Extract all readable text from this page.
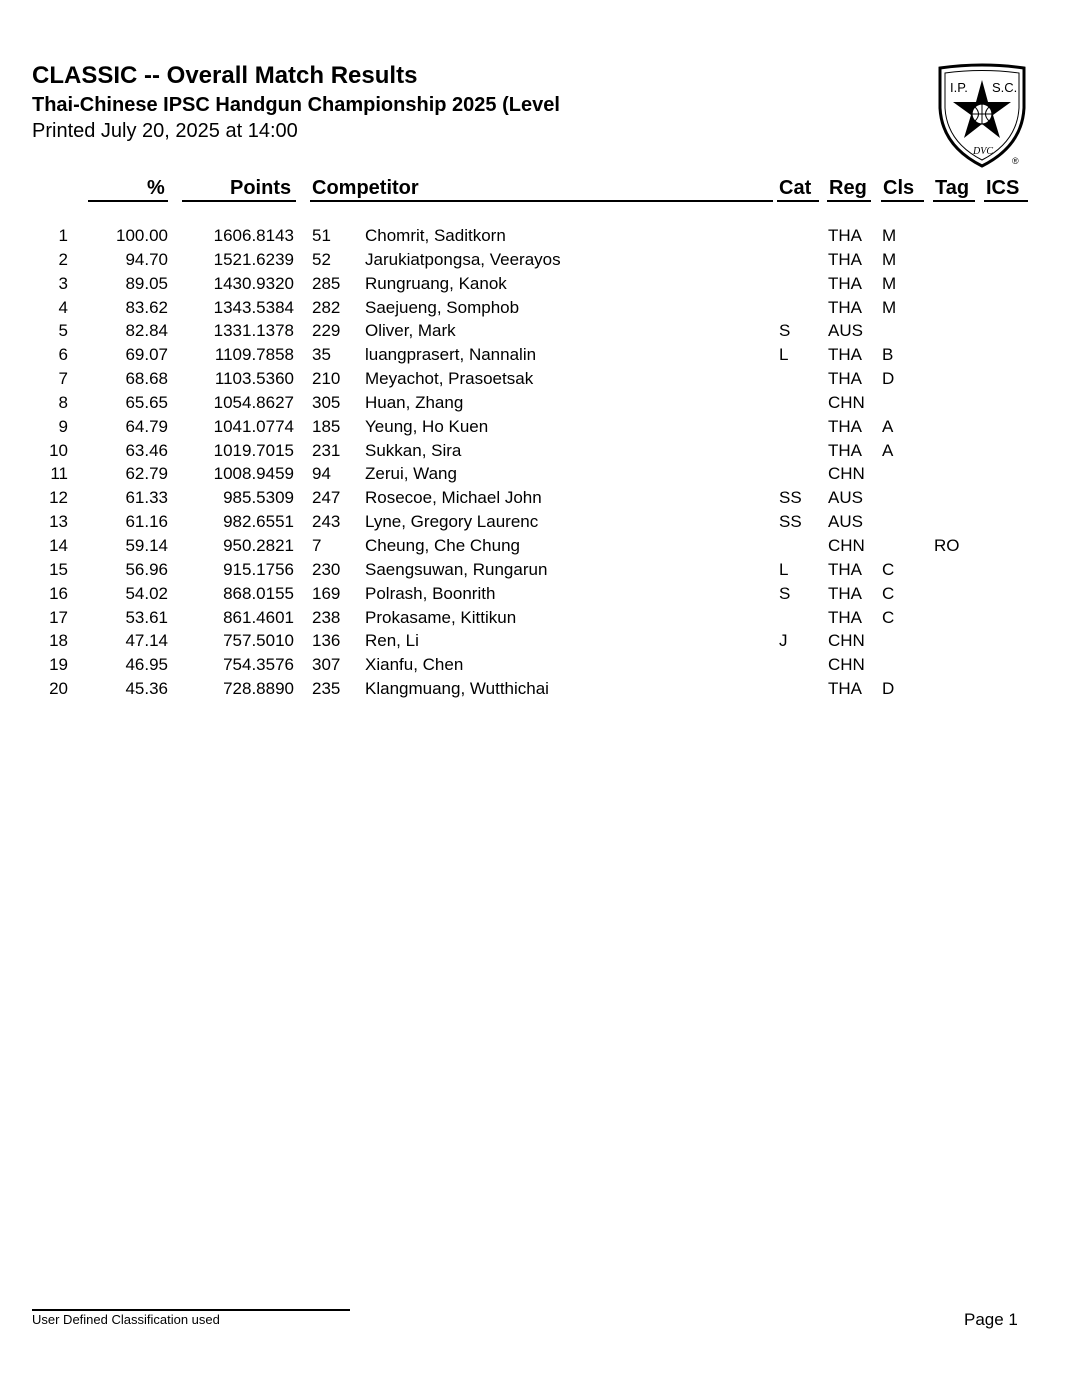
CLASSIC -- Overall Match Results
Thai-Chinese IPSC Handgun Championship 2025 (Level
Printed July 20, 2025 at 14:00
I.P. S.C.
DVC
®
%	Points Competitor	Cat Reg Cls Tag ICS
1	100.00	1606.8143 51 Chomrit, Saditkorn	THA M
2	94.70	1521.6239 52 Jarukiatpongsa, Veerayos	THA M
3	89.05	1430.9320 285 Rungruang, Kanok	THA M
4	83.62	1343.5384 282 Saejueng, Somphob	THA M
5	82.84	1331.1378 229 Oliver, Mark	S AUS
6	69.07	1109.7858 35 luangprasert, Nannalin	L THA B
7	68.68	1103.5360 210 Meyachot, Prasoetsak	THA D
8	65.65	1054.8627 305 Huan, Zhang	CHN
9	64.79	1041.0774 185 Yeung, Ho Kuen	THA A
10	63.46	1019.7015 231 Sukkan, Sira	THA A
11	62.79	1008.9459 94 Zerui, Wang	CHN
12	61.33	985.5309 247 Rosecoe, Michael John	SS AUS
13	61.16	982.6551 243 Lyne, Gregory Laurenc	SS AUS
14	59.14	950.2821 7	Cheung, Che Chung	CHN	RO
15	56.96	915.1756 230 Saengsuwan, Rungarun	L THA C
16	54.02	868.0155 169 Polrash, Boonrith	S THA C
17	53.61	861.4601 238 Prokasame, Kittikun	THA C
18	47.14	757.5010 136 Ren, Li	J CHN
19	46.95	754.3576 307 Xianfu, Chen	CHN
20	45.36	728.8890 235 Klangmuang, Wutthichai	THA D
User Defined Classification used	Page 1
